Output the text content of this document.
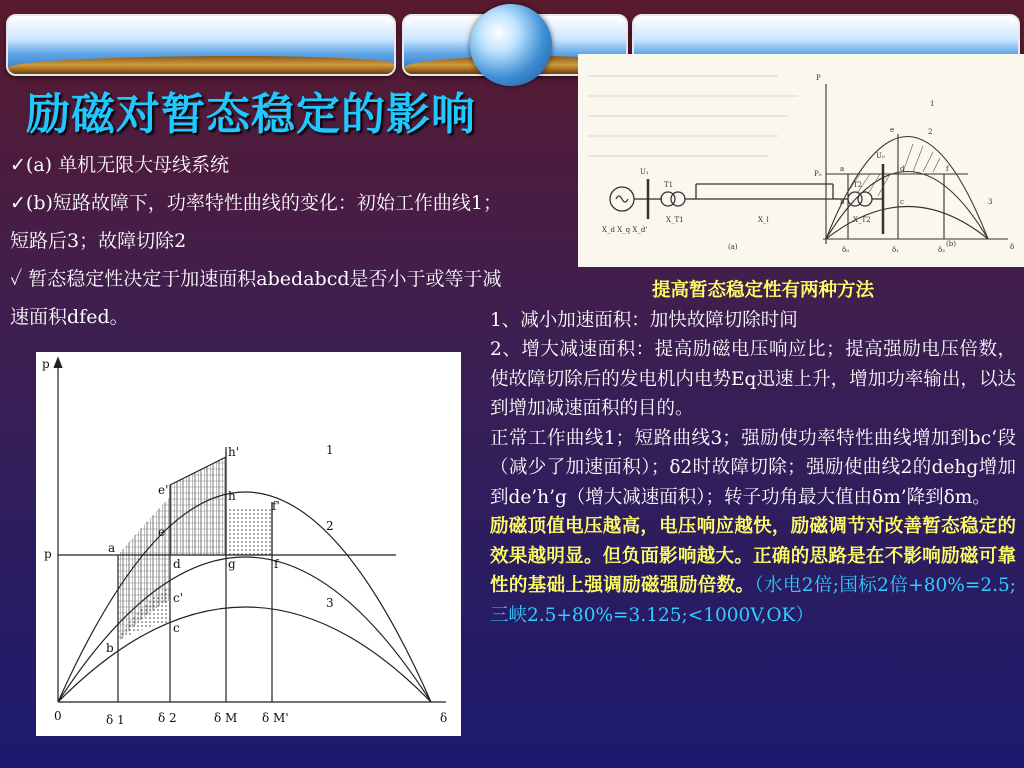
励磁对暂态稳定的影响

✓(a) 单机无限大母线系统

✓(b)短路故障下，功率特性曲线的变化：初始工作曲线1；短路后3；故障切除2

✓ 暂态稳定性决定于加速面积abedabcd是否小于或等于减速面积dfed。

U₁
T1
X_T1	X_l
T2
X_T2
U₀
X_d X_q X_d'
(a)	(b)
P
δ
P₀
δ₀	δ₁	δ₂
1
2
3
a
b	c
d
e
f
p
δ
p
0
1
2
3
a
b
c
c'
d
e
e'	h
h'
g	f
f'
δ 1	δ 2	δ M δ M'
提高暂态稳定性有两种方法

1、减小加速面积：加快故障切除时间

2、增大减速面积：提高励磁电压响应比；提高强励电压倍数，使故障切除后的发电机内电势Eq迅速上升，增加功率输出，以达到增加减速面积的目的。

正常工作曲线1；短路曲线3；强励使功率特性曲线增加到bc‘段（减少了加速面积）；δ2时故障切除；强励使曲线2的dehg增加到de’h’g（增大减速面积）；转子功角最大值由δm’降到δm。

励磁顶值电压越高，电压响应越快，励磁调节对改善暂态稳定的效果越明显。但负面影响越大。正确的思路是在不影响励磁可靠性的基础上强调励磁强励倍数。（水电2倍;国标2倍+80%=2.5;三峡2.5+80%=3.125;<1000V,OK）
